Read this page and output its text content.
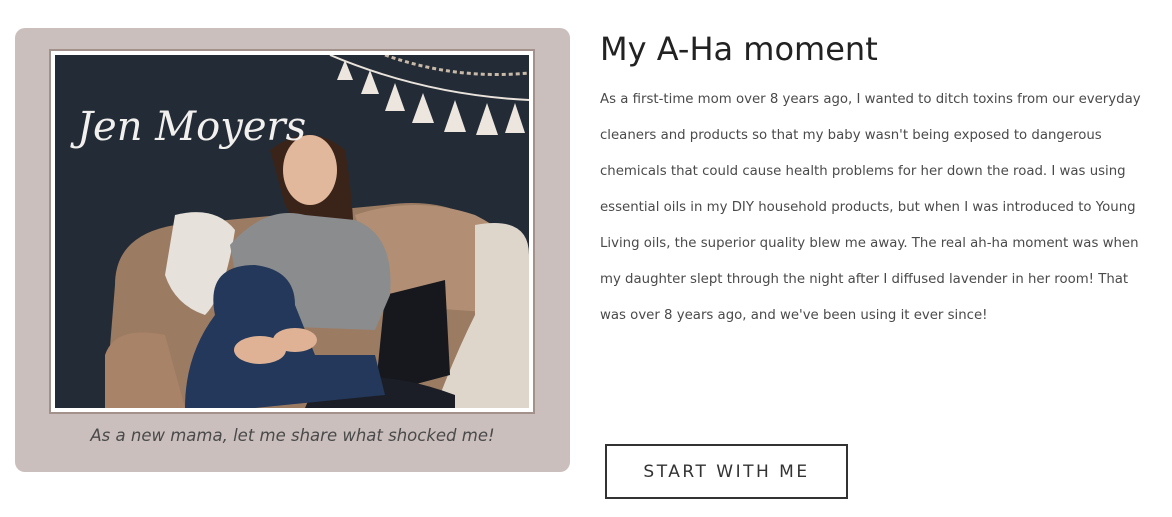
Jen Moyers
As a new mama, let me share what shocked me!
My A-Ha moment

As a first-time mom over 8 years ago, I wanted to ditch toxins from our everyday cleaners and products so that my baby wasn't being exposed to dangerous chemicals that could cause health problems for her down the road. I was using essential oils in my DIY household products, but when I was introduced to Young Living oils, the superior quality blew me away. The real ah-ha moment was when my daughter slept through the night after I diffused lavender in her room! That was over 8 years ago, and we've been using it ever since!

START WITH ME
